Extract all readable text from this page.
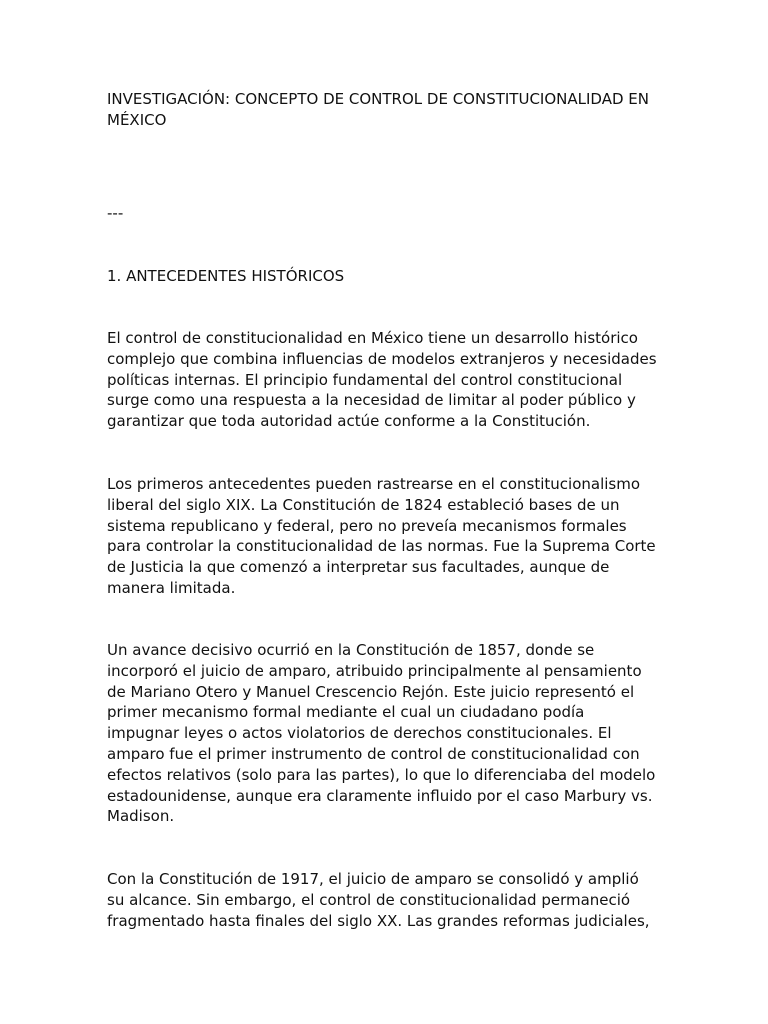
INVESTIGACIÓN: CONCEPTO DE CONTROL DE CONSTITUCIONALIDAD EN
MÉXICO

---

1. ANTECEDENTES HISTÓRICOS

El control de constitucionalidad en México tiene un desarrollo histórico
complejo que combina influencias de modelos extranjeros y necesidades
políticas internas. El principio fundamental del control constitucional
surge como una respuesta a la necesidad de limitar al poder público y
garantizar que toda autoridad actúe conforme a la Constitución.

Los primeros antecedentes pueden rastrearse en el constitucionalismo
liberal del siglo XIX. La Constitución de 1824 estableció bases de un
sistema republicano y federal, pero no preveía mecanismos formales
para controlar la constitucionalidad de las normas. Fue la Suprema Corte
de Justicia la que comenzó a interpretar sus facultades, aunque de
manera limitada.

Un avance decisivo ocurrió en la Constitución de 1857, donde se
incorporó el juicio de amparo, atribuido principalmente al pensamiento
de Mariano Otero y Manuel Crescencio Rejón. Este juicio representó el
primer mecanismo formal mediante el cual un ciudadano podía
impugnar leyes o actos violatorios de derechos constitucionales. El
amparo fue el primer instrumento de control de constitucionalidad con
efectos relativos (solo para las partes), lo que lo diferenciaba del modelo
estadounidense, aunque era claramente influido por el caso Marbury vs.
Madison.

Con la Constitución de 1917, el juicio de amparo se consolidó y amplió
su alcance. Sin embargo, el control de constitucionalidad permaneció
fragmentado hasta finales del siglo XX. Las grandes reformas judiciales,
